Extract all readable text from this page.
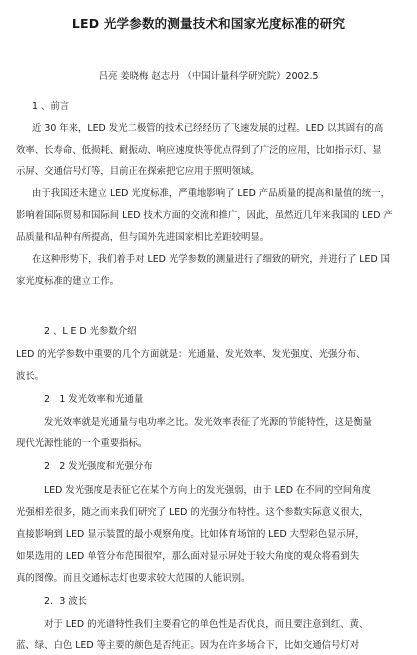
LED 光学参数的测量技术和国家光度标准的研究
吕亮 姜晓梅 赵志丹 （中国计量科学研究院）2002.5
1 、前言
近 30 年来，LED 发光二极管的技术已经经历了飞速发展的过程。LED 以其固有的高
效率、长寿命、低损耗、耐振动、响应速度快等优点得到了广泛的应用，比如指示灯、显
示屏、交通信号灯等，目前正在探索把它应用于照明领域。
由于我国还未建立 LED 光度标准，严重地影响了 LED 产品质量的提高和量值的统一，
影响着国际贸易和国际间 LED 技术方面的交流和推广，因此，虽然近几年来我国的 LED 产
品质量和品种有所提高，但与国外先进国家相比差距较明显。
在这种形势下，我们着手对 LED 光学参数的测量进行了细致的研究，并进行了 LED 国
家光度标准的建立工作。
2 、L E D 光参数介绍
LED 的光学参数中重要的几个方面就是：光通量、发光效率、发光强度、光强分布、
波长。
2　1 发光效率和光通量
发光效率就是光通量与电功率之比。发光效率表征了光源的节能特性，这是衡量
现代光源性能的一个重要指标。
2　2 发光强度和光强分布
LED 发光强度是表征它在某个方向上的发光强弱，由于 LED 在不同的空间角度
光强相差很多，随之而来我们研究了 LED 的光强分布特性。这个参数实际意义很大，
直接影响到 LED 显示装置的最小观察角度。比如体育场馆的 LED 大型彩色显示屏，
如果选用的 LED 单管分布范围很窄，那么面对显示屏处于较大角度的观众将看到失
真的图像。而且交通标志灯也要求较大范围的人能识别。
2．3 波长
对于 LED 的光谱特性我们主要看它的单色性是否优良，而且要注意到红、黄、
蓝、绿、白色 LED 等主要的颜色是否纯正。因为在许多场合下，比如交通信号灯对
